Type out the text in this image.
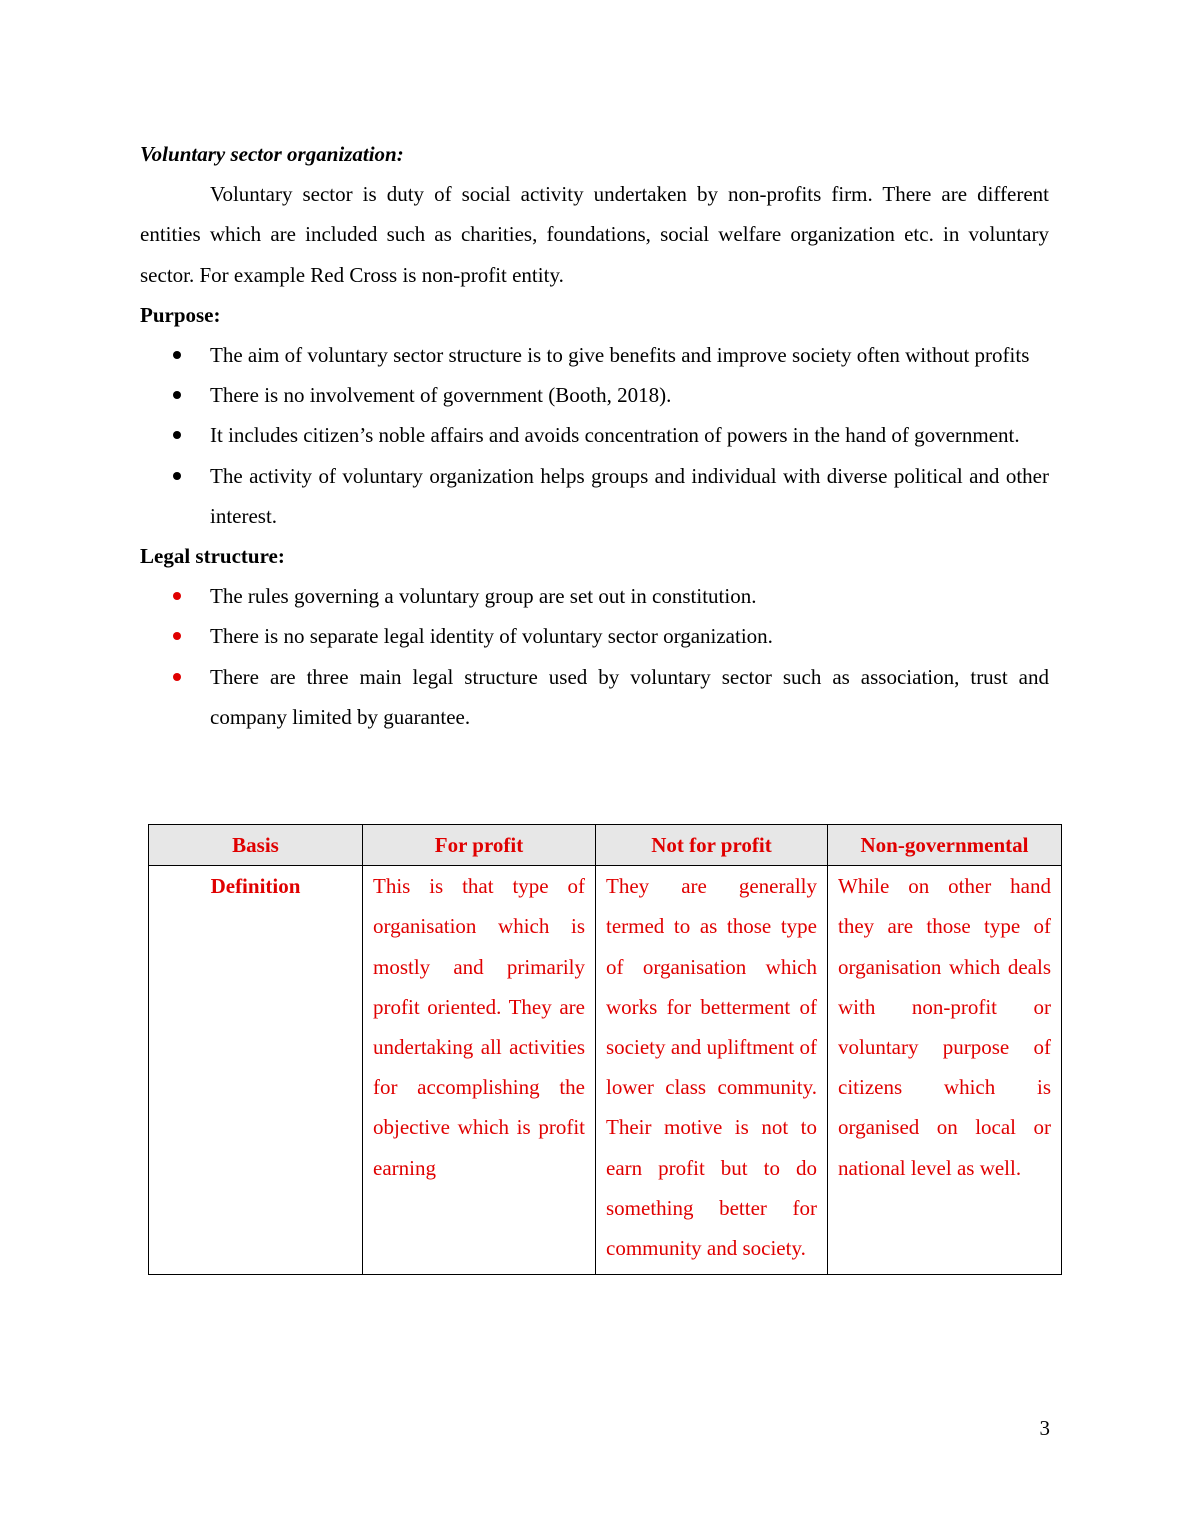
Voluntary sector organization:

Voluntary sector is duty of social activity undertaken by non-profits firm. There are different entities which are included such as charities, foundations, social welfare organization etc. in voluntary sector. For example Red Cross is non-profit entity.

Purpose:

The aim of voluntary sector structure is to give benefits and improve society often without profits
There is no involvement of government (Booth, 2018).
It includes citizen’s noble affairs and avoids concentration of powers in the hand of government.
The activity of voluntary organization helps groups and individual with diverse political and other interest.

Legal structure:

The rules governing a voluntary group are set out in constitution.
There is no separate legal identity of voluntary sector organization.
There are three main legal structure used by voluntary sector such as association, trust and company limited by guarantee.
Basis	For profit	Not for profit	Non-governmental
Definition	This is that type of organisation which is mostly and primarily profit oriented. They are undertaking all activities for accomplishing the objective which is profit earning	They are generally termed to as those type of organisation which works for betterment of society and upliftment of lower class community. Their motive is not to earn profit but to do something better for community and society.	While on other hand they are those type of organisation which deals with non-profit or voluntary purpose of citizens which is organised on local or national level as well.
3
